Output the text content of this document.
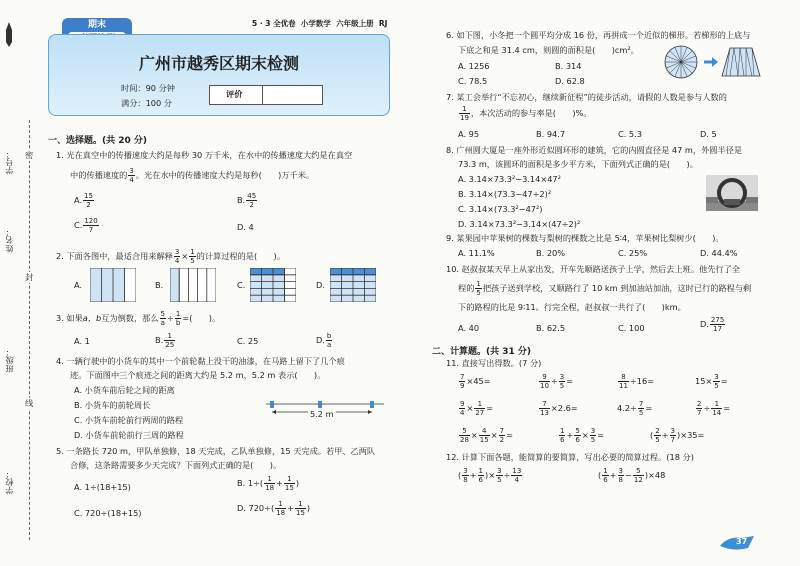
学号： 密
姓名：
封
班级：
线
学校：
5 · 3 全优卷 小学数学 六年级上册 RJ
期末
广州市越秀区期末检测
时间：90 分钟
满分：100 分
评价
一、选择题。(共 20 分)
1. 光在真空中的传播速度大约是每秒 30 万千米，在水中的传播速度大约是在真空
中的传播速度的 $\frac{3}{4}$ 。光在水中的传播速度大约是每秒(　　)万千米。
A. $\frac{15}{2}$	B. $\frac{45}{2}$
C. $\frac{120}{7}$	D. 4
2. 下面各图中，最适合用来解释 $\frac{3}{4} \times \frac{1}{5}$ 的计算过程的是(　　)。
A.	B.	C.	D.
3. 如果a，b互为倒数，那么 $\frac{5}{a} \div \frac{1}{b}$ =(　　)。
A. 1	B. $\frac{1}{25}$	C. 25	D. $\frac{b}{a}$
4. 一辆行驶中的小货车的其中一个前轮黏上没干的油漆，在马路上留下了几个痕
迹。下面图中三个痕迹之间的距离大约是 5.2 m，5.2 m 表示(　　)。
A. 小货车前后轮之间的距离
B. 小货车的前轮周长
C. 小货车前轮前行两周的路程
D. 小货车前轮前行三周的路程
5.2 m
5. 一条路长 720 m，甲队单独修，18 天完成，乙队单独修，15 天完成。若甲、乙两队
合修，这条路需要多少天完成？下面列式正确的是(　　)。
A. 1÷(18+15)	B. $1\div( \frac{1}{18} + \frac{1}{15}$ )
C. 720÷(18+15)	D. $720\div( \frac{1}{18} + \frac{1}{15}$ )
6. 如下图，小冬把一个圆平均分成 16 份，再拼成一个近似的梯形。若梯形的上底与
下底之和是 31.4 cm，则圆的面积是(　　)cm²。
A. 1256	B. 314
C. 78.5	D. 62.8
7. 某工会举行“不忘初心，继续新征程”的徒步活动，请假的人数是参与人数的
$\frac{1}{19}$ ，本次活动的参与率是(　　)%。
A. 95	B. 94.7	C. 5.3	D. 5
8. 广州圆大厦是一座外形近似圆环形的建筑，它的内圆直径是 47 m，外圆半径是
73.3 m，该圆环的面积是多少平方米，下面列式正确的是(　　)。
A. 3.14×73.3²−3.14×47²
B. 3.14×(73.3−47÷2)²
C. 3.14×(73.3²−47²)
D. 3.14×73.3²−3.14×(47÷2)²
9. 某果园中苹果树的棵数与梨树的棵数之比是 5∶4，苹果树比梨树少(　　)。
A. 11.1%	B. 20%	C. 25%	D. 44.4%
10. 赵叔叔某天早上从家出发，开车先顺路送孩子上学，然后去上班。他先行了全
程的 $\frac{1}{5}$ 把孩子送到学校，又顺路行了 10 km 到加油站加油，这时已行的路程与剩
下的路程的比是 9∶11。行完全程，赵叔叔一共行了(　　)km。
A. 40	B. 62.5	C. 100	D. $\frac{275}{17}$
二、计算题。(共 31 分)
11. 直接写出得数。(7 分)
$\frac{7}{9} \times 45=$	$\frac{9}{10} \div \frac{3}{5}$ =	$\frac{8}{11} \div 16=$	$15\times \frac{3}{5}$ =
$\frac{9}{4} \times \frac{1}{27}$ =	$\frac{7}{13} \times 2.6=$	$4.2\div \frac{7}{5}$ =	$\frac{2}{7} \div \frac{1}{14}$ =
$\frac{5}{28} \times \frac{4}{15} \times \frac{7}{2}$ =	$\frac{1}{6} + \frac{5}{6} \times \frac{3}{5}$ =	( $\frac{2}{5} + \frac{3}{7} )\times 35=$
12. 计算下面各题，能简算的要简算，写出必要的简算过程。(18 分)
( $\frac{3}{8} + \frac{1}{6}$ )× $\frac{3}{5} \div \frac{13}{4}$	( $\frac{1}{6} + \frac{3}{8} - \frac{5}{12} )\times 48$
37
